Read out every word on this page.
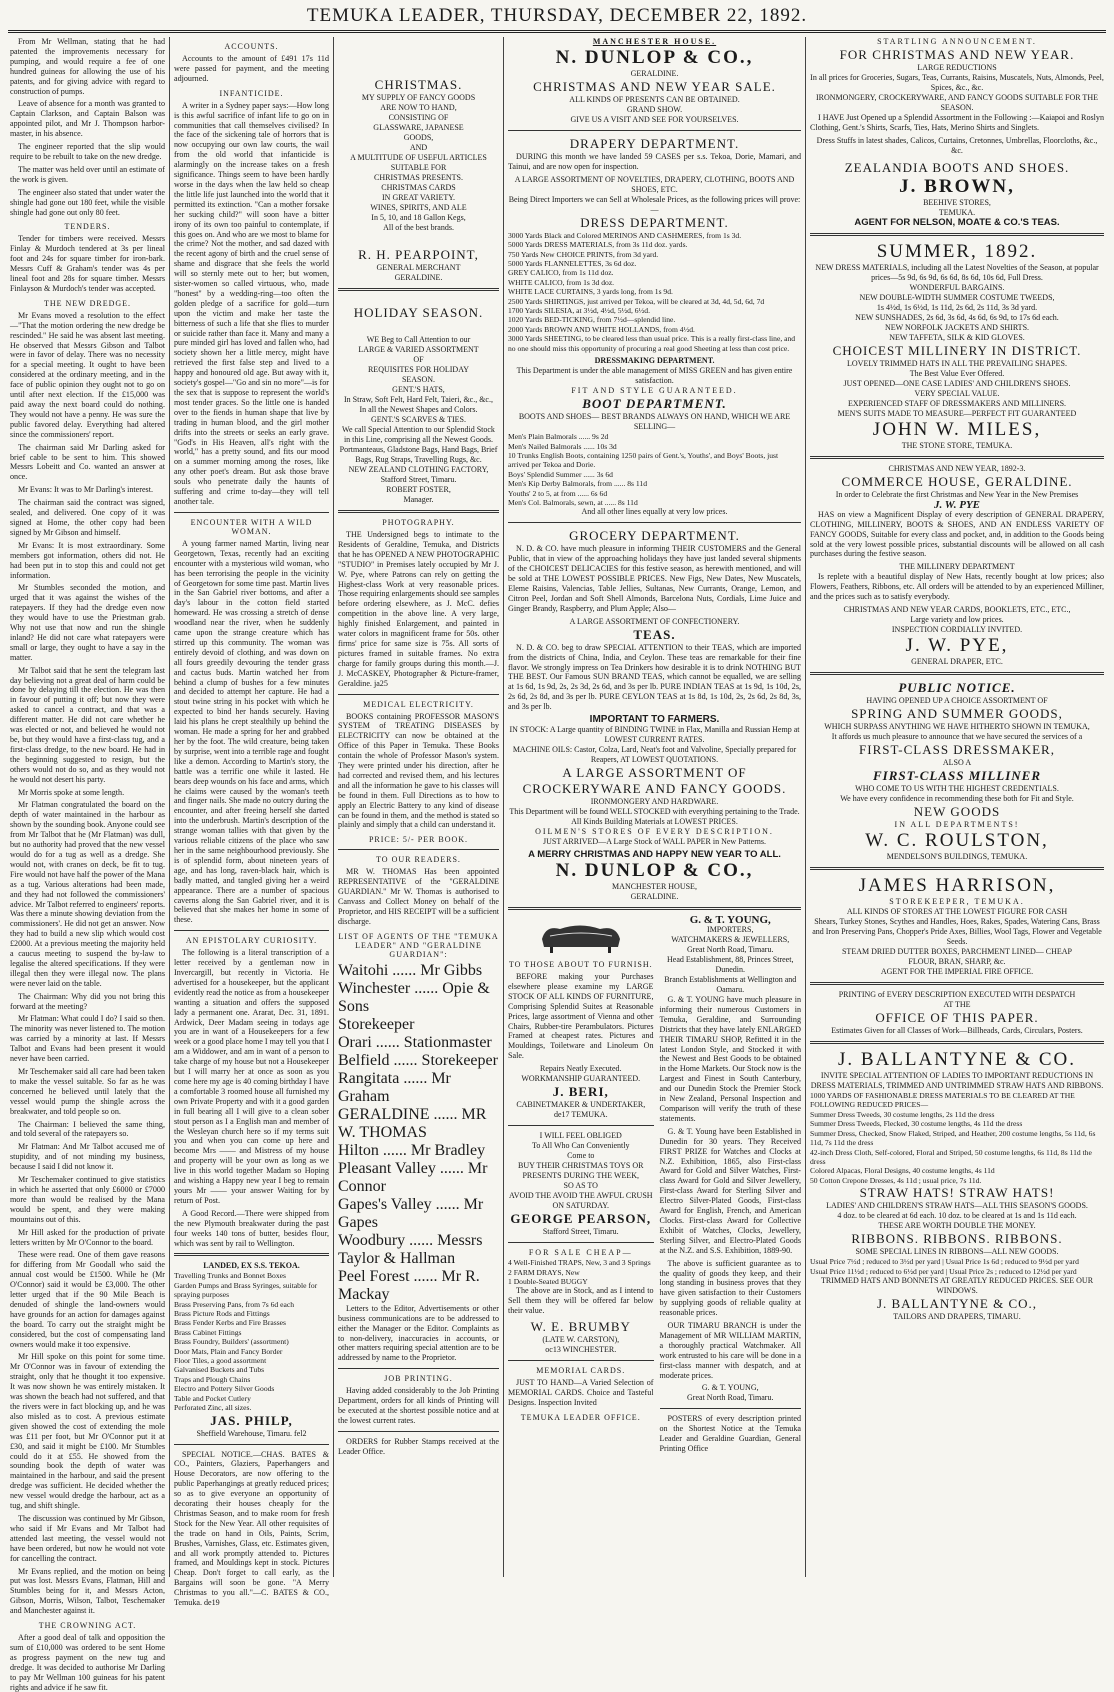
TEMUKA LEADER, THURSDAY, DECEMBER 22, 1892.

From Mr Wellman, stating that he had patented the improvements necessary for pumping, and would require a fee of one hundred guineas for allowing the use of his patents, and for giving advice with regard to construction of pumps.

Leave of absence for a month was granted to Captain Clarkson, and Captain Balson was appointed pilot, and Mr J. Thompson harbor-master, in his absence.

The engineer reported that the slip would require to be rebuilt to take on the new dredge.

The matter was held over until an estimate of the work is given.

The engineer also stated that under water the shingle had gone out 180 feet, while the visible shingle had gone out only 80 feet.

TENDERS.

Tender for timbers were received. Messrs Finlay & Murdoch tendered at 3s per lineal foot and 24s for square timber for iron-bark. Messrs Cuff & Graham's tender was 4s per lineal foot and 28s for square timber. Messrs Finlayson & Murdoch's tender was accepted.

THE NEW DREDGE.

Mr Evans moved a resolution to the effect—"That the motion ordering the new dredge be rescinded." He said he was absent last meeting. He observed that Messrs Gibson and Talbot were in favor of delay. There was no necessity for a special meeting. It ought to have been considered at the ordinary meeting, and in the face of public opinion they ought not to go on until after next election. If the £15,000 was paid away the next board could do nothing. They would not have a penny. He was sure the public favored delay. Everything had altered since the commissioners' report.

The chairman said Mr Darling asked for brief cable to be sent to him. This showed Messrs Lobeitt and Co. wanted an answer at once.

Mr Evans: It was to Mr Darling's interest.

The chairman said the contract was signed, sealed, and delivered. One copy of it was signed at Home, the other copy had been signed by Mr Gibson and himself.

Mr Evans: It is most extraordinary. Some members got information, others did not. He had been put in to stop this and could not get information.

Mr Stumbles seconded the motion, and urged that it was against the wishes of the ratepayers. If they had the dredge even now they would have to use the Priestman grab. Why not use that now and run the shingle inland? He did not care what ratepayers were small or large, they ought to have a say in the matter.

Mr Talbot said that he sent the telegram last day believing not a great deal of harm could be done by delaying till the election. He was then in favour of putting it off; but now they were asked to cancel a contract, and that was a different matter. He did not care whether he was elected or not, and believed he would not be, but they would have a first-class tug, and a first-class dredge, to the new board. He had in the beginning suggested to resign, but the others would not do so, and as they would not he would not desert his party.

Mr Morris spoke at some length.

Mr Flatman congratulated the board on the depth of water maintained in the harbour as shown by the sounding book. Anyone could see from Mr Talbot that he (Mr Flatman) was dull, but no authority had proved that the new vessel would do for a tug as well as a dredge. She would not, with cranes on deck, be fit to tug. Fire would not have half the power of the Mana as a tug. Various alterations had been made, and they had not followed the commissioners' advice. Mr Talbot referred to engineers' reports. Was there a minute showing deviation from the commissioners'. He did not get an answer. Now they had to build a new slip which would cost £2000. At a previous meeting the majority held a caucus meeting to suspend the by-law to legalise the altered specifications. If they were illegal then they were illegal now. The plans were never laid on the table.

The Chairman: Why did you not bring this forward at the meeting?

Mr Flatman: What could I do? I said so then. The minority was never listened to. The motion was carried by a minority at last. If Messrs Talbot and Evans had been present it would never have been carried.

Mr Teschemaker said all care had been taken to make the vessel suitable. So far as he was concerned he believed until lately that the vessel would pump the shingle across the breakwater, and told people so on.

The Chairman: I believed the same thing, and told several of the ratepayers so.

Mr Flatman: And Mr Talbot accused me of stupidity, and of not minding my business, because I said I did not know it.

Mr Teschemaker continued to give statistics in which he asserted that only £6000 or £7000 more than would be realised by the Mana would be spent, and they were making mountains out of this.

Mr Hill asked for the production of private letters written by Mr O'Connor to the board.

These were read. One of them gave reasons for differing from Mr Goodall who said the annual cost would be £1500. While he (Mr O'Connor) said it would be £3,000. The other letter urged that if the 90 Mile Beach is denuded of shingle the land-owners would have grounds for an action for damages against the board. To carry out the straight might be considered, but the cost of compensating land owners would make it too expensive.

Mr Hill spoke on this point for some time. Mr O'Connor was in favour of extending the straight, only that he thought it too expensive. It was now shown he was entirely mistaken. It was shown the beach had not suffered, and that the rivers were in fact blocking up, and he was also misled as to cost. A previous estimate given showed the cost of extending the mole was £11 per foot, but Mr O'Connor put it at £30, and said it might be £100. Mr Stumbles could do it at £55. He showed from the sounding book the depth of water was maintained in the harbour, and said the present dredge was sufficient. He decided whether the new vessel would dredge the harbour, act as a tug, and shift shingle.

The discussion was continued by Mr Gibson, who said if Mr Evans and Mr Talbot had attended last meeting, the vessel would not have been ordered, but now he would not vote for cancelling the contract.

Mr Evans replied, and the motion on being put was lost. Messrs Evans, Flatman, Hill and Stumbles being for it, and Messrs Acton, Gibson, Morris, Wilson, Talbot, Teschemaker and Manchester against it.

THE CROWNING ACT.

After a good deal of talk and opposition the sum of £10,000 was ordered to be sent Home as progress payment on the new tug and dredge. It was decided to authorise Mr Darling to pay Mr Wellman 100 guineas for his patent rights and advice if he saw fit.

ACCOUNTS.

Accounts to the amount of £491 17s 11d were passed for payment, and the meeting adjourned.

INFANTICIDE.

A writer in a Sydney paper says:—How long is this awful sacrifice of infant life to go on in communities that call themselves civilised? In the face of the sickening tale of horrors that is now occupying our own law courts, the wail from the old world that infanticide is alarmingly on the increase takes on a fresh significance. Things seem to have been hardly worse in the days when the law held so cheap the little life just launched into the world that it permitted its extinction. "Can a mother forsake her sucking child?" will soon have a bitter irony of its own too painful to contemplate, if this goes on. And who are we most to blame for the crime? Not the mother, and sad dazed with the recent agony of birth and the cruel sense of shame and disgrace that she feels the world will so sternly mete out to her; but women, sister-women so called virtuous, who, made "honest" by a wedding-ring—too often the golden pledge of a sacrifice for gold—turn upon the victim and make her taste the bitterness of such a life that she flies to murder or suicide rather than face it. Many and many a pure minded girl has loved and fallen who, had society shown her a little mercy, might have retrieved the first false step and lived to a happy and honoured old age. But away with it, society's gospel—"Go and sin no more"—is for the sex that is suppose to represent the world's most tender graces. So the little one is handed over to the fiends in human shape that live by trading in human blood, and the girl mother drifts into the streets or seeks an early grave. "God's in His Heaven, all's right with the world," has a pretty sound, and fits our mood on a summer morning among the roses, like any other poet's dream. But ask those brave souls who penetrate daily the haunts of suffering and crime to-day—they will tell another tale.

ENCOUNTER WITH A WILD WOMAN.

A young farmer named Martin, living near Georgetown, Texas, recently had an exciting encounter with a mysterious wild woman, who has been terrorising the people in the vicinity of Georgetown for some time past. Martin lives in the San Gabriel river bottoms, and after a day's labour in the cotton field started homeward. He was crossing a stretch of dense woodland near the river, when he suddenly came upon the strange creature which has stirred up this community. The woman was entirely devoid of clothing, and was down on all fours greedily devouring the tender grass and cactus buds. Martin watched her from behind a clump of bushes for a few minutes and decided to attempt her capture. He had a stout twine string in his pocket with which he expected to bind her hands securely. Having laid his plans he crept stealthily up behind the woman. He made a spring for her and grabbed her by the foot. The wild creature, being taken by surprise, went into a terrible rage and fought like a demon. According to Martin's story, the battle was a terrific one while it lasted. He bears deep wounds on his face and arms, which he claims were caused by the woman's teeth and finger nails. She made no outcry during the encounter, and after freeing herself she darted into the underbrush. Martin's description of the strange woman tallies with that given by the various reliable citizens of the place who saw her in the same neighbourhood previously. She is of splendid form, about nineteen years of age, and has long, raven-black hair, which is badly matted, and tangled giving her a weird appearance. There are a number of spacious caverns along the San Gabriel river, and it is believed that she makes her home in some of these.

AN EPISTOLARY CURIOSITY.

The following is a literal transcription of a letter received by a gentleman now in Invercargill, but recently in Victoria. He advertised for a housekeeper, but the applicant evidently read the notice as from a housekeeper wanting a situation and offers the supposed lady a permanent one. Ararat, Dec. 31, 1891. Ardwick, Deer Madam seeing in todays age you are in want of a Housekeepers for a few week or a good place home I may tell you that I am a Widdower, and am in want of a person to take charge of my house but not a Housekeeper but I will marry her at once as soon as you come here my age is 40 coming birthday I have a comfortable 3 roomed house all furnished my own Private Property and with it a good garden in full bearing all I will give to a clean sober stout person as I a English man and member of the Wesleyan church here so if my terms suit you and when you can come up here and become Mrs —— and Mistress of my house and property will be your own as long as we live in this world together Madam so Hoping and wishing a Happy new year I beg to remain yours Mr —— your answer Waiting for by return of Post.

A Good Record.—There were shipped from the new Plymouth breakwater during the past four weeks 140 tons of butter, besides flour, which was sent by rail to Wellington.

LANDED, EX S.S. TEKOA.
Travelling Trunks and Bonnet Boxes
Garden Pumps and Brass Syringes, suitable for spraying purposes
Brass Preserving Pans, from 7s 6d each
Brass Picture Rods and Fittings
Brass Fender Kerbs and Fire Brasses
Brass Cabinet Fittings
Brass Foundry, Builders' (assortment)
Door Mats, Plain and Fancy Border
Floor Tiles, a good assortment
Galvanised Buckets and Tubs
Traps and Plough Chains
Electro and Pottery Silver Goods
Table and Pocket Cutlery
Perforated Zinc, all sizes.
JAS. PHILP,
Sheffield Warehouse, Timaru. fel2

SPECIAL NOTICE.—CHAS. BATES & CO., Painters, Glaziers, Paperhangers and House Decorators, are now offering to the public Paperhangings at greatly reduced prices; so as to give everyone an opportunity of decorating their houses cheaply for the Christmas Season, and to make room for fresh Stock for the New Year. All other requisites of the trade on hand in Oils, Paints, Scrim, Brushes, Varnishes, Glass, etc. Estimates given, and all work promptly attended to. Pictures framed, and Mouldings kept in stock. Pictures Cheap. Don't forget to call early, as the Bargains will soon be gone. "A Merry Christmas to you all."—C. BATES & CO., Temuka. de19

CHRISTMAS.
MY SUPPLY OF FANCY GOODS
ARE NOW TO HAND,
CONSISTING OF
GLASSWARE, JAPANESE
GOODS,
AND
A MULTITUDE OF USEFUL ARTICLES
SUITABLE FOR
CHRISTMAS PRESENTS.
CHRISTMAS CARDS
IN GREAT VARIETY.
WINES, SPIRITS, AND ALE
In 5, 10, and 18 Gallon Kegs,
All of the best brands.
R. H. PEARPOINT,
GENERAL MERCHANT
GERALDINE.
HOLIDAY SEASON.
WE Beg to Call Attention to our
LARGE & VARIED ASSORTMENT
OF
REQUISITES FOR HOLIDAY
SEASON.
GENT.'S HATS,
In Straw, Soft Felt, Hard Felt, Taieri, &c., &c.,
In all the Newest Shapes and Colors.
GENT.'S SCARVES & TIES.
We call Special Attention to our Splendid Stock in this Line, comprising all the Newest Goods.
Portmanteaus, Gladstone Bags, Hand Bags, Brief Bags, Rug Straps, Travelling Rugs, &c.
NEW ZEALAND CLOTHING FACTORY,
Stafford Street, Timaru.
ROBERT FOSTER,
Manager.
PHOTOGRAPHY.

THE Undersigned begs to intimate to the Residents of Geraldine, Temuka, and Districts that he has OPENED A NEW PHOTOGRAPHIC "STUDIO" in Premises lately occupied by Mr J. W. Pye, where Patrons can rely on getting the Highest-class Work at very reasonable prices. Those requiring enlargements should see samples before ordering elsewhere, as J. McC. defies competition in the above line. A very large, highly finished Enlargement, and painted in water colors in magnificent frame for 50s. other firms' price for same size is 75s. All sorts of pictures framed in suitable frames. No extra charge for family groups during this month.—J. J. McCASKEY, Photographer & Picture-framer, Geraldine. ja25

MEDICAL ELECTRICITY.

BOOKS containing PROFESSOR MASON'S SYSTEM of TREATING DISEASES by ELECTRICITY can now be obtained at the Office of this Paper in Temuka. These Books contain the whole of Professor Mason's system. They were printed under his direction, after he had corrected and revised them, and his lectures and all the information he gave to his classes will be found in them. Full Directions as to how to apply an Electric Battery to any kind of disease can be found in them, and the method is stated so plainly and simply that a child can understand it.

PRICE: 5/- PER BOOK.
TO OUR READERS.

MR W. THOMAS Has been appointed REPRESENTATIVE of the "GERALDINE GUARDIAN." Mr W. Thomas is authorised to Canvass and Collect Money on behalf of the Proprietor, and HIS RECEIPT will be a sufficient discharge.

LIST OF AGENTS OF THE "TEMUKA LEADER" AND "GERALDINE GUARDIAN":
Waitohi ...... Mr Gibbs
Winchester ...... Opie & Sons
Storekeeper
Orari ...... Stationmaster
Belfield ...... Storekeeper
Rangitata ...... Mr Graham
GERALDINE ...... MR W. THOMAS
Hilton ...... Mr Bradley
Pleasant Valley ...... Mr Connor
Gapes's Valley ...... Mr Gapes
Woodbury ...... Messrs Taylor & Hallman
Peel Forest ...... Mr R. Mackay

Letters to the Editor, Advertisements or other business communications are to be addressed to either the Manager or the Editor. Complaints as to non-delivery, inaccuracies in accounts, or other matters requiring special attention are to be addressed by name to the Proprietor.

JOB PRINTING.

Having added considerably to the Job Printing Department, orders for all kinds of Printing will be executed at the shortest possible notice and at the lowest current rates.

ORDERS for Rubber Stamps received at the Leader Office.

MANCHESTER HOUSE.
N. DUNLOP & CO.,
GERALDINE.
CHRISTMAS AND NEW YEAR SALE.
ALL KINDS OF PRESENTS CAN BE OBTAINED.
GRAND SHOW.
GIVE US A VISIT AND SEE FOR YOURSELVES.
DRAPERY DEPARTMENT.

DURING this month we have landed 59 CASES per s.s. Tekoa, Dorie, Mamari, and Tainui, and are now open for inspection.

A LARGE ASSORTMENT OF NOVELTIES, DRAPERY, CLOTHING, BOOTS AND SHOES, ETC.
Being Direct Importers we can Sell at Wholesale Prices, as the following prices will prove:—
DRESS DEPARTMENT.
3000 Yards Black and Colored MERINOS AND CASHMERES, from 1s 3d.
5000 Yards DRESS MATERIALS, from 3s 11d doz. yards.
750 Yards New CHOICE PRINTS, from 3d yard.
5000 Yards FLANNELETTES, 3s 6d doz.
GREY CALICO, from 1s 11d doz.
WHITE CALICO, from 1s 3d doz.
WHITE LACE CURTAINS, 3 yards long, from 1s 9d.
2500 Yards SHIRTINGS, just arrived per Tekoa, will be cleared at 3d, 4d, 5d, 6d, 7d
1700 Yards SILESIA, at 3½d, 4½d, 5½d, 6½d.
1020 Yards BED-TICKING, from 7½d—splendid line.
2000 Yards BROWN AND WHITE HOLLANDS, from 4½d.
3000 Yards SHEETING, to be cleared less than usual price. This is a really first-class line, and no one should miss this opportunity of procuring a real good Sheeting at less than cost price.
DRESSMAKING DEPARTMENT.
This Department is under the able management of MISS GREEN and has given entire satisfaction.
FIT AND STYLE GUARANTEED.
BOOT DEPARTMENT.
BOOTS AND SHOES— BEST BRANDS ALWAYS ON HAND, WHICH WE ARE SELLING—
Men's Plain Balmorals ...... 9s 2d
Men's Nailed Balmorals ...... 10s 3d
10 Trunks English Boots, containing 1250 pairs of Gent.'s, Youths', and Boys' Boots, just arrived per Tekoa and Dorie.
Boys' Splendid Summer ...... 3s 6d
Men's Kip Derby Balmorals, from ...... 8s 11d
Youths' 2 to 5, at from ...... 6s 6d
Men's Col. Balmorals, sewn, at ...... 8s 11d
And all other lines equally at very low prices.
GROCERY DEPARTMENT.

N. D. & CO. have much pleasure in informing THEIR CUSTOMERS and the General Public, that in view of the approaching holidays they have just landed several shipments of the CHOICEST DELICACIES for this festive season, as herewith mentioned, and will be sold at THE LOWEST POSSIBLE PRICES. New Figs, New Dates, New Muscatels, Eleme Raisins, Valencias, Table Jellies, Sultanas, New Currants, Orange, Lemon, and Citron Peel, Jordan and Soft Shell Almonds, Barcelona Nuts, Cordials, Lime Juice and Ginger Brandy, Raspberry, and Plum Apple; Also—

A LARGE ASSORTMENT OF CONFECTIONERY.
TEAS.

N. D. & CO. beg to draw SPECIAL ATTENTION to their TEAS, which are imported from the districts of China, India, and Ceylon. These teas are remarkable for their fine flavor. We strongly impress on Tea Drinkers how desirable it is to drink NOTHING BUT THE BEST. Our Famous SUN BRAND TEAS, which cannot be equalled, we are selling at 1s 6d, 1s 9d, 2s, 2s 3d, 2s 6d, and 3s per lb. PURE INDIAN TEAS at 1s 9d, 1s 10d, 2s, 2s 6d, 2s 8d, and 3s per lb. PURE CEYLON TEAS at 1s 8d, 1s 10d, 2s, 2s 6d, 2s 8d, 3s, and 3s per lb.

IMPORTANT TO FARMERS.
IN STOCK: A Large quantity of BINDING TWINE in Flax, Manilla and Russian Hemp at LOWEST CURRENT RATES.
MACHINE OILS: Castor, Colza, Lard, Neat's foot and Valvoline, Specially prepared for Reapers, AT LOWEST QUOTATIONS.
A LARGE ASSORTMENT OF CROCKERYWARE AND FANCY GOODS.
IRONMONGERY AND HARDWARE.
This Department will be found WELL STOCKED with everything pertaining to the Trade. All Kinds Building Materials at LOWEST PRICES.
OILMEN'S STORES OF EVERY DESCRIPTION.
JUST ARRIVED—A Large Stock of WALL PAPER in New Patterns.
A MERRY CHRISTMAS AND HAPPY NEW YEAR TO ALL.
N. DUNLOP & CO.,
MANCHESTER HOUSE,
GERALDINE.
TO THOSE ABOUT TO FURNISH.

BEFORE making your Purchases elsewhere please examine my LARGE STOCK OF ALL KINDS OF FURNITURE, Comprising Splendid Suites at Reasonable Prices, large assortment of Vienna and other Chairs, Rubber-tire Perambulators. Pictures Framed at cheapest rates. Pictures and Mouldings, Toiletware and Linoleum On Sale.

Repairs Neatly Executed.
WORKMANSHIP GUARANTEED.
J. BERI,
CABINETMAKER & UNDERTAKER,
de17 TEMUKA.
I WILL FEEL OBLIGED
To All Who Can Conveniently
Come to
BUY THEIR CHRISTMAS TOYS OR PRESENTS DURING THE WEEK,
SO AS TO
AVOID THE AVOID THE AWFUL CRUSH ON SATURDAY.
GEORGE PEARSON,
Stafford Street, Timaru.
FOR SALE CHEAP—
4 Well-Finished TRAPS, New, 3 and 3 Springs
2 FARM DRAYS, New
1 Double-Seated BUGGY

The above are in Stock, and as I intend to Sell them they will be offered far below their value.

W. E. BRUMBY
(LATE W. CARSTON),
oc13 WINCHESTER.
MEMORIAL CARDS.

JUST TO HAND—A Varied Selection of MEMORIAL CARDS. Choice and Tasteful Designs. Inspection Invited

TEMUKA LEADER OFFICE.
G. & T. YOUNG,
IMPORTERS,
WATCHMAKERS & JEWELLERS,
Great North Road, Timaru.
Head Establishment, 88, Princes Street, Dunedin.
Branch Establishments at Wellington and Oamaru.

G. & T. YOUNG have much pleasure in informing their numerous Customers in Temuka, Geraldine, and Surrounding Districts that they have lately ENLARGED THEIR TIMARU SHOP, Refitted it in the latest London Style, and Stocked it with the Newest and Best Goods to be obtained in the Home Markets. Our Stock now is the Largest and Finest in South Canterbury, and our Dunedin Stock the Premier Stock in New Zealand, Personal Inspection and Comparison will verify the truth of these statements.

G. & T. Young have been Established in Dunedin for 30 years. They Received FIRST PRIZE for Watches and Clocks at N.Z. Exhibition, 1865, also First-class Award for Gold and Silver Watches, First-class Award for Gold and Silver Jewellery, First-class Award for Sterling Silver and Electro Silver-Plated Goods, First-class Award for English, French, and American Clocks. First-class Award for Collective Exhibit of Watches, Clocks, Jewellery, Sterling Silver, and Electro-Plated Goods at the N.Z. and S.S. Exhibition, 1889-90.

The above is sufficient guarantee as to the quality of goods they keep, and their long standing in business proves that they have given satisfaction to their Customers by supplying goods of reliable quality at reasonable prices.

OUR TIMARU BRANCH is under the Management of MR WILLIAM MARTIN, a thoroughly practical Watchmaker. All work entrusted to his care will be done in a first-class manner with despatch, and at moderate prices.

G. & T. YOUNG,
Great North Road, Timaru.

POSTERS of every description printed on the Shortest Notice at the Temuka Leader and Geraldine Guardian, General Printing Office

STARTLING ANNOUNCEMENT.
FOR CHRISTMAS AND NEW YEAR.
LARGE REDUCTIONS
In all prices for Groceries, Sugars, Teas, Currants, Raisins, Muscatels, Nuts, Almonds, Peel, Spices, &c., &c.
IRONMONGERY, CROCKERYWARE, AND FANCY GOODS SUITABLE FOR THE SEASON.

I HAVE Just Opened up a Splendid Assortment in the Following :—Kaiapoi and Roslyn Clothing, Gent.'s Shirts, Scarfs, Ties, Hats, Merino Shirts and Singlets.

Dress Stuffs in latest shades, Calicos, Curtains, Cretonnes, Umbrellas, Floorcloths, &c., &c.
ZEALANDIA BOOTS AND SHOES.
J. BROWN,
BEEHIVE STORES,
TEMUKA.
AGENT FOR NELSON, MOATE & CO.'S TEAS.
SUMMER, 1892.
NEW DRESS MATERIALS, including all the Latest Novelties of the Season, at popular prices—5s 9d, 6s 9d, 6s 6d, 8s 6d, 10s 6d, Full Dress.
WONDERFUL BARGAINS.
NEW DOUBLE-WIDTH SUMMER COSTUME TWEEDS,
1s 4½d, 1s 6½d, 1s 11d, 2s 6d, 2s 11d, 3s 3d yard.
NEW SUNSHADES, 2s 6d, 3s 6d, 4s 6d, 6s 9d, to 17s 6d each.
NEW NORFOLK JACKETS AND SHIRTS.
NEW TAFFETA, SILK & KID GLOVES.
CHOICEST MILLINERY IN DISTRICT.
LOVELY TRIMMED HATS IN ALL THE PREVAILING SHAPES.
The Best Value Ever Offered.
JUST OPENED—ONE CASE LADIES' AND CHILDREN'S SHOES.
VERY SPECIAL VALUE.
EXPERIENCED STAFF OF DRESSMAKERS AND MILLINERS.
MEN'S SUITS MADE TO MEASURE—PERFECT FIT GUARANTEED
JOHN W. MILES,
THE STONE STORE, TEMUKA.
CHRISTMAS AND NEW YEAR, 1892-3.
COMMERCE HOUSE, GERALDINE.
In order to Celebrate the first Christmas and New Year in the New Premises
J. W. PYE

HAS on view a Magnificent Display of every description of GENERAL DRAPERY, CLOTHING, MILLINERY, BOOTS & SHOES, AND AN ENDLESS VARIETY OF FANCY GOODS, Suitable for every class and pocket, and, in addition to the Goods being sold at the very lowest possible prices, substantial discounts will be allowed on all cash purchases during the festive season.

THE MILLINERY DEPARTMENT

Is replete with a beautiful display of New Hats, recently bought at low prices; also Flowers, Feathers, Ribbons, etc. All orders will be attended to by an experienced Milliner, and the prices such as to satisfy everybody.

CHRISTMAS AND NEW YEAR CARDS, BOOKLETS, ETC., ETC.,
Large variety and low prices.
INSPECTION CORDIALLY INVITED.
J. W. PYE,
GENERAL DRAPER, ETC.
PUBLIC NOTICE.
HAVING OPENED UP A CHOICE ASSORTMENT OF
SPRING AND SUMMER GOODS,
WHICH SURPASS ANYTHING WE HAVE HITHERTO SHOWN IN TEMUKA,
It affords us much pleasure to announce that we have secured the services of a
FIRST-CLASS DRESSMAKER,
ALSO A
FIRST-CLASS MILLINER
WHO COME TO US WITH THE HIGHEST CREDENTIALS.
We have every confidence in recommending these both for Fit and Style.
NEW GOODS
IN ALL DEPARTMENTS!
W. C. ROULSTON,
MENDELSON'S BUILDINGS, TEMUKA.
JAMES HARRISON,
STOREKEEPER, TEMUKA.
ALL KINDS OF STORES AT THE LOWEST FIGURE FOR CASH
Shears, Turkey Stones, Scythes and Handles, Hoes, Rakes, Spades, Watering Cans, Brass and Iron Preserving Pans, Chopper's Pride Axes, Billies, Wool Tags, Flower and Vegetable Seeds.
STEAM DRIED DUTTER BOXES, PARCHMENT LINED— CHEAP
FLOUR, BRAN, SHARP, &c.
AGENT FOR THE IMPERIAL FIRE OFFICE.
PRINTING of EVERY DESCRIPTION EXECUTED WITH DESPATCH
AT THE
OFFICE OF THIS PAPER.
Estimates Given for all Classes of Work—Billheads, Cards, Circulars, Posters.
J. BALLANTYNE & CO.
INVITE SPECIAL ATTENTION OF LADIES TO IMPORTANT REDUCTIONS IN DRESS MATERIALS, TRIMMED AND UNTRIMMED STRAW HATS AND RIBBONS.
1000 YARDS OF FASHIONABLE DRESS MATERIALS TO BE CLEARED AT THE FOLLOWING REDUCED PRICES—
Summer Dress Tweeds, 30 costume lengths, 2s 11d the dress
Summer Dress Tweeds, Flecked, 30 costume lengths, 4s 11d the dress
Summer Dress, Checked, Snow Flaked, Striped, and Heather, 200 costume lengths, 5s 11d, 6s 11d, 7s 11d the dress
42-inch Dress Cloth, Self-colored, Floral and Striped, 50 costume lengths, 6s 11d, 8s 11d the dress
Colored Alpacas, Floral Designs, 40 costume lengths, 4s 11d
50 Cotton Crepone Dresses, 4s 11d ; usual price, 7s 11d.
STRAW HATS! STRAW HATS!
LADIES' AND CHILDREN'S STRAW HATS—ALL THIS SEASON'S GOODS.
4 doz. to be cleared at 6d each. 10 doz. to be cleared at 1s and 1s 11d each.
THESE ARE WORTH DOUBLE THE MONEY.
RIBBONS. RIBBONS. RIBBONS.
SOME SPECIAL LINES IN RIBBONS—ALL NEW GOODS.
Usual Price 7½d ; reduced to 3½d per yard | Usual Price 1s 6d ; reduced to 9½d per yard
Usual Price 11½d ; reduced to 6½d per yard | Usual Price 2s ; reduced to 12½d per yard
TRIMMED HATS AND BONNETS AT GREATLY REDUCED PRICES. SEE OUR WINDOWS.
J. BALLANTYNE & CO.,
TAILORS AND DRAPERS, TIMARU.
